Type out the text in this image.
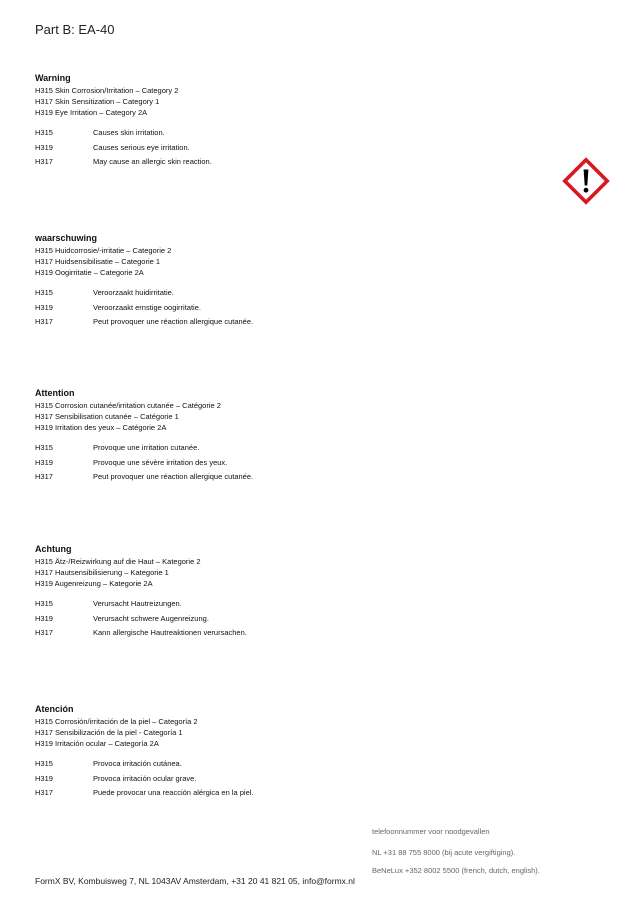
Part B: EA-40
Warning
H315 Skin Corrosion/Irritation – Category 2
H317 Skin Sensitization – Category 1
H319 Eye Irritation – Category 2A
H315	Causes skin irritation.
H319	Causes serious eye irritation.
H317	May cause an allergic skin reaction.
waarschuwing
H315 Huidcorrosie/-irritatie – Categorie 2
H317 Huidsensibilisatie – Categorie 1
H319 Oogirritatie – Categorie 2A
H315	Veroorzaakt huidirritatie.
H319	Veroorzaakt ernstige oogirritatie.
H317	Peut provoquer une réaction allergique cutanée.
Attention
H315 Corrosion cutanée/irritation cutanée – Catégorie 2
H317 Sensibilisation cutanée – Catégorie 1
H319 Irritation des yeux – Catégorie 2A
H315	Provoque une irritation cutanée.
H319	Provoque une sévère irritation des yeux.
H317	Peut provoquer une réaction allergique cutanée.
Achtung
H315 Ätz-/Reizwirkung auf die Haut – Kategorie 2
H317 Hautsensibilisierung – Kategorie 1
H319 Augenreizung – Kategorie 2A
H315	Verursacht Hautreizungen.
H319	Verursacht schwere Augenreizung.
H317	Kann allergische Hautreaktionen verursachen.
Atención
H315 Corrosión/irritación de la piel – Categoría 2
H317 Sensibilización de la piel - Categoría 1
H319 Irritación ocular – Categoría 2A
H315	Provoca irritación cutánea.
H319	Provoca irritación ocular grave.
H317	Puede provocar una reacción alérgica en la piel.
telefoonnummer voor noodgevallen
NL +31 88 755 8000 (bij acute vergiftiging).
BeNeLux +352 8002 5500 (french, dutch, english).
FormX BV, Kombuisweg 7, NL 1043AV Amsterdam, +31 20 41 821 05, info@formx.nl
